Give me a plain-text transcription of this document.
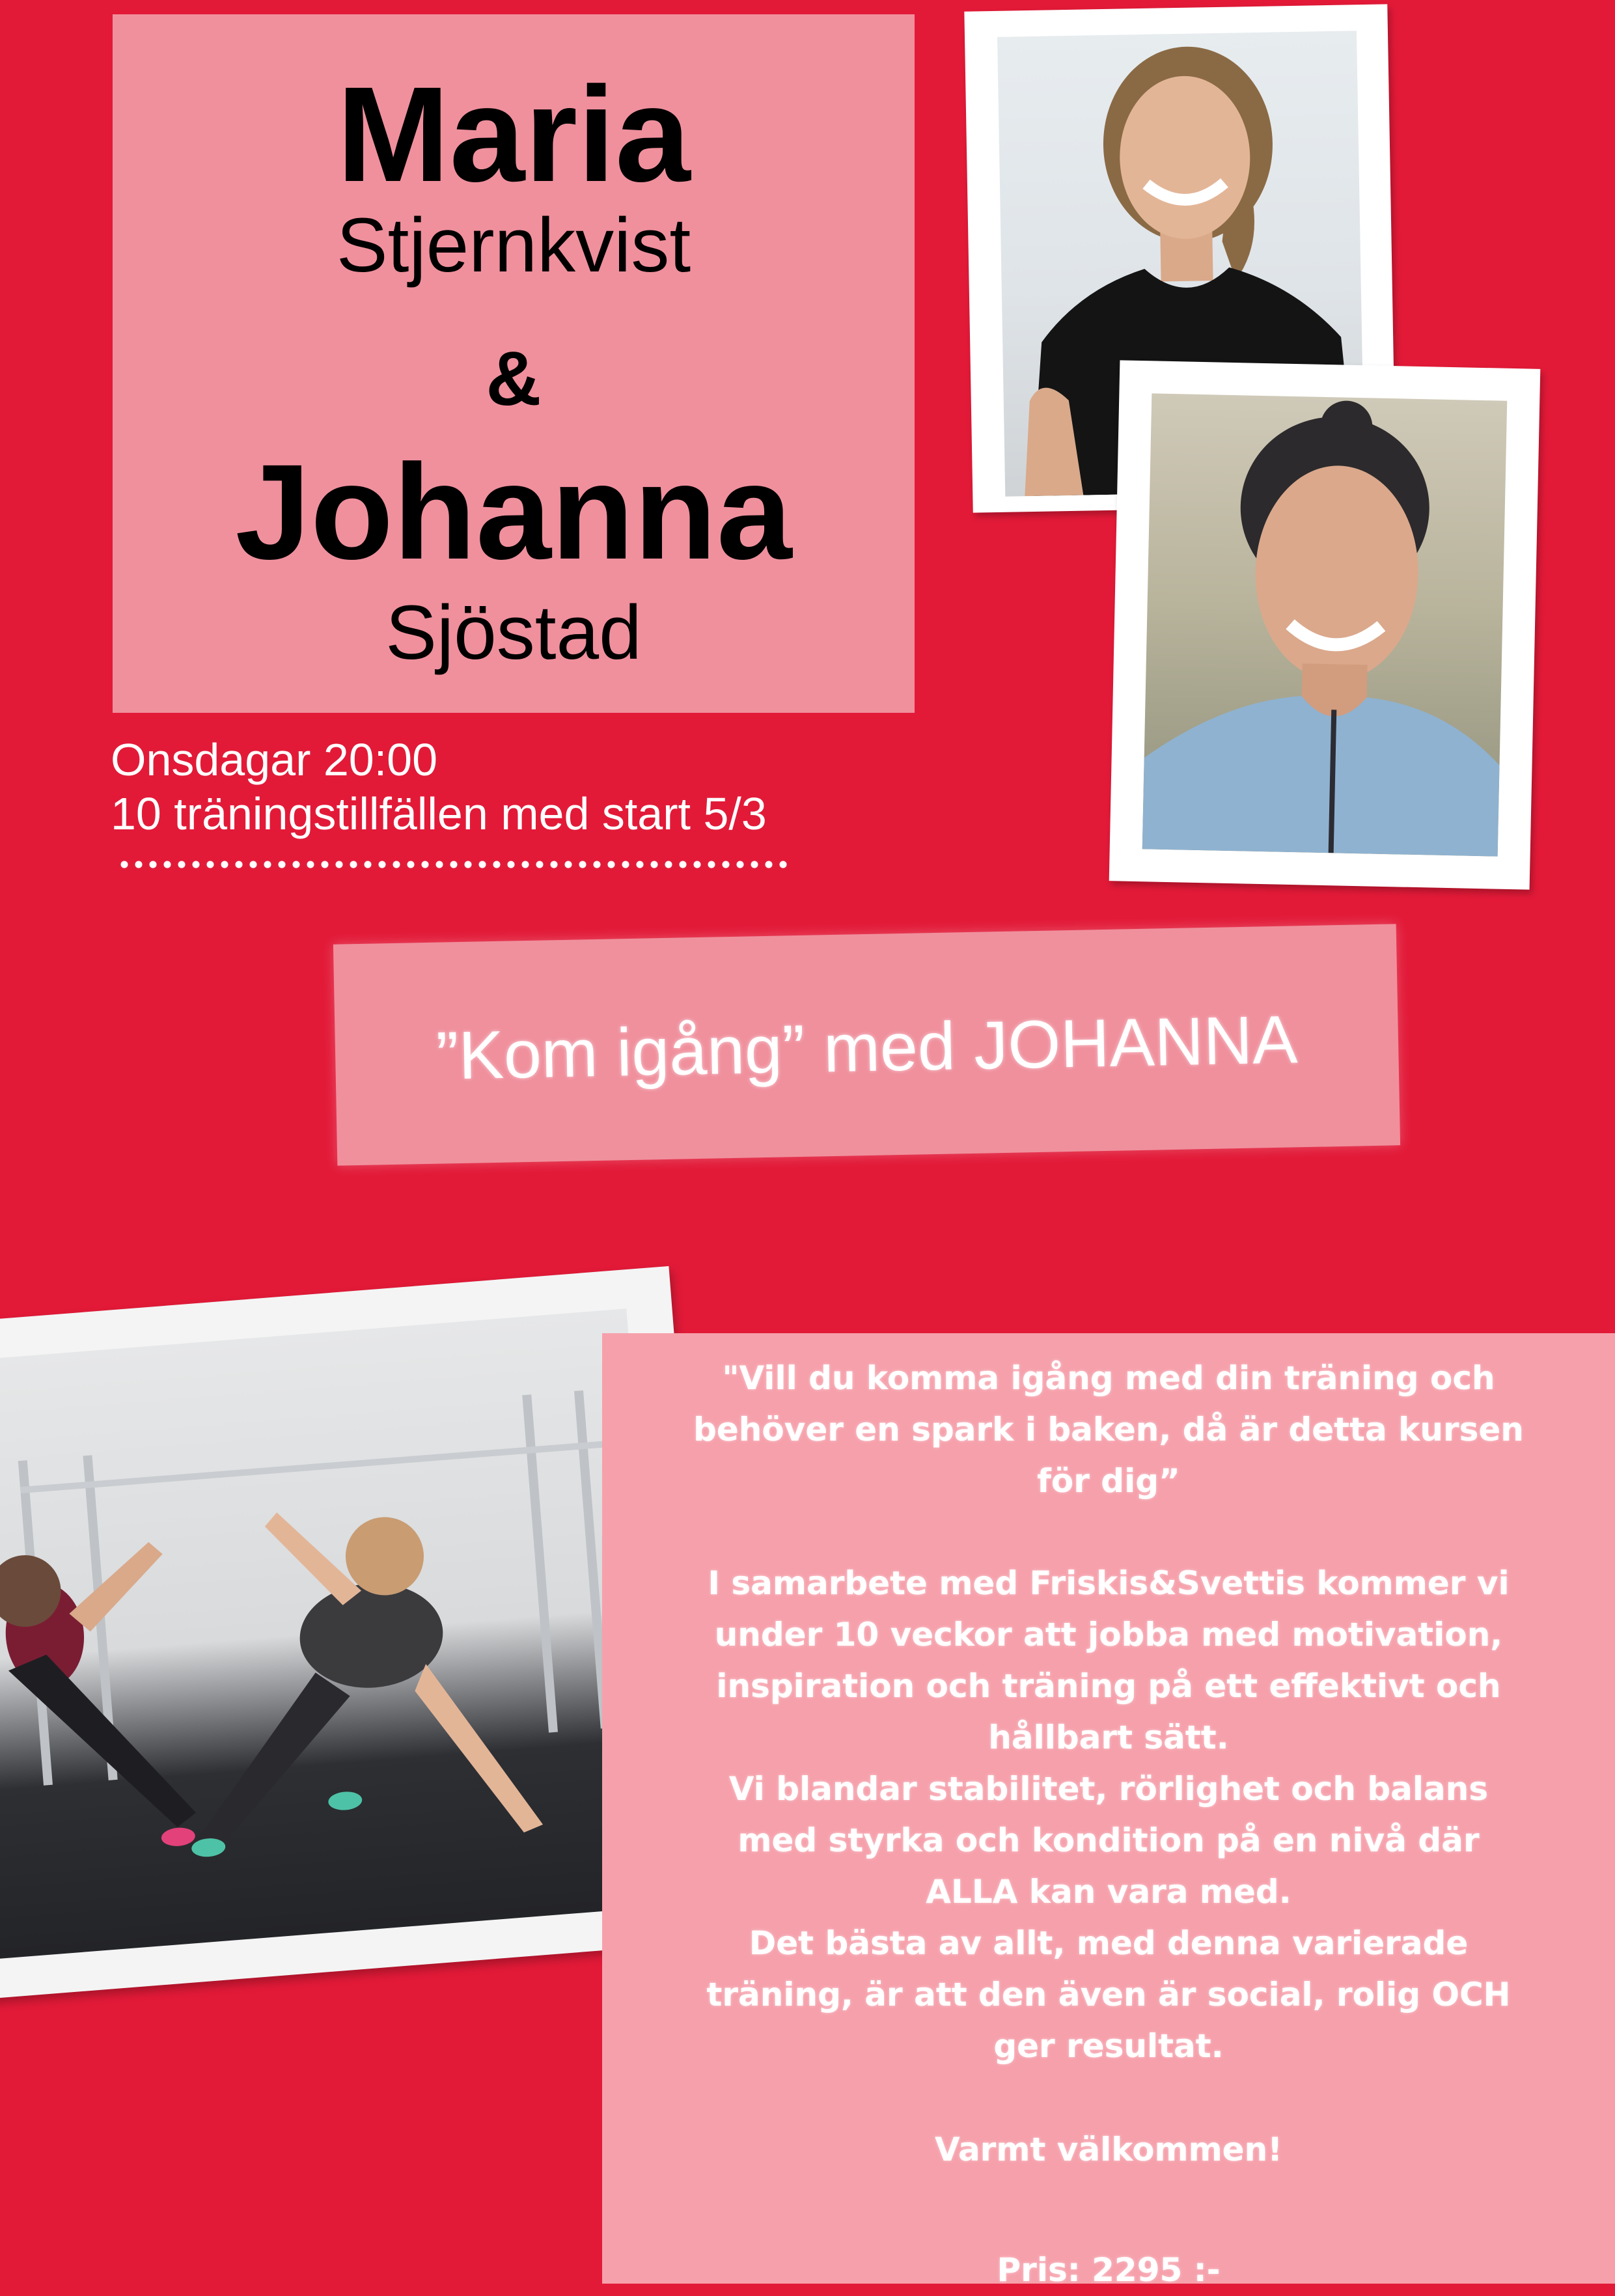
Maria
Stjernkvist
&
Johanna
Sjöstad
Onsdagar 20:00
10 träningstillfällen med start 5/3
”Kom igång” med JOHANNA
"Vill du komma igång med din träning och
behöver en spark i baken, då är detta kursen
för dig”
I samarbete med Friskis&Svettis kommer vi
under 10 veckor att jobba med motivation,
inspiration och träning på ett effektivt och
hållbart sätt.
Vi blandar stabilitet, rörlighet och balans
med styrka och kondition på en nivå där
ALLA kan vara med.
Det bästa av allt, med denna varierade
träning, är att den även är social, rolig OCH
ger resultat.
Varmt välkommen!
Pris: 2295 :-
